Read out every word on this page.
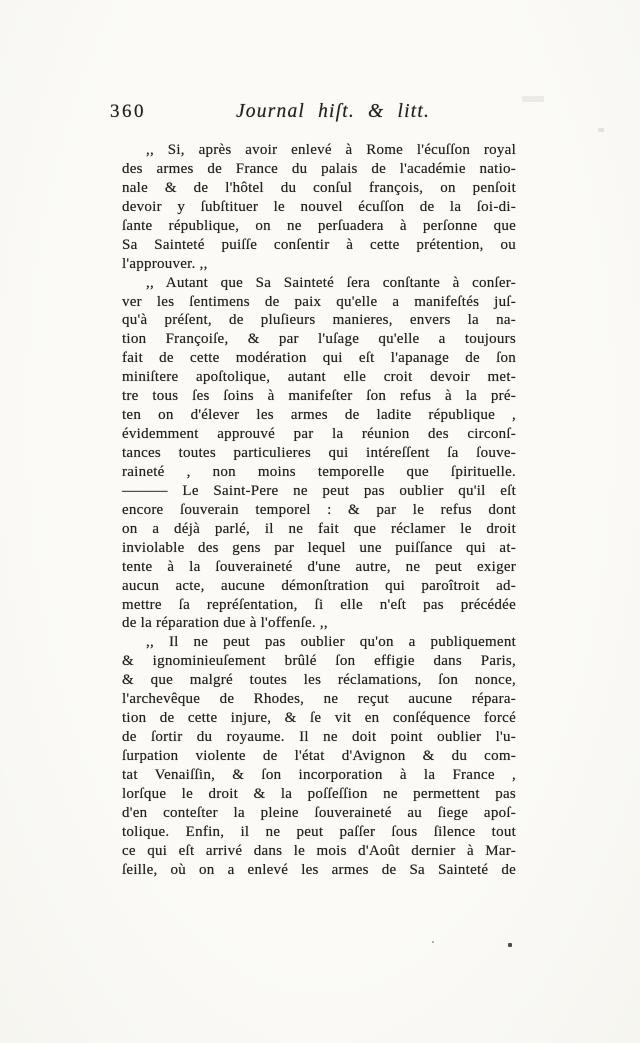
360	Journal hiſt. & litt.
,, Si, après avoir enlevé à Rome l'écuſſon royal
des armes de France du palais de l'académie natio-
nale & de l'hôtel du conſul françois, on penſoit
devoir y ſubſtituer le nouvel écuſſon de la ſoi-di-
ſante république, on ne perſuadera à perſonne que
Sa Sainteté puiſſe conſentir à cette prétention, ou
l'approuver. ,,
,, Autant que Sa Sainteté ſera conſtante à conſer-
ver les ſentimens de paix qu'elle a manifeſtés juſ-
qu'à préſent, de pluſieurs manieres, envers la na-
tion Françoiſe, & par l'uſage qu'elle a toujours
fait de cette modération qui eſt l'apanage de ſon
miniſtere apoſtolique, autant elle croit devoir met-
tre tous ſes ſoins à manifeſter ſon refus à la pré-
ten on d'élever les armes de ladite république ,
évidemment approuvé par la réunion des circonſ-
tances toutes particulieres qui intéreſſent ſa ſouve-
raineté , non moins temporelle que ſpirituelle.
――― Le Saint-Pere ne peut pas oublier qu'il eſt
encore ſouverain temporel : & par le refus dont
on a déjà parlé, il ne fait que réclamer le droit
inviolable des gens par lequel une puiſſance qui at-
tente à la ſouveraineté d'une autre, ne peut exiger
aucun acte, aucune démonſtration qui paroîtroit ad-
mettre ſa repréſentation, ſi elle n'eſt pas précédée
de la réparation due à l'offenſe. ,,
,, Il ne peut pas oublier qu'on a publiquement
& ignominieuſement brûlé ſon effigie dans Paris,
& que malgré toutes les réclamations, ſon nonce,
l'archevêque de Rhodes, ne reçut aucune répara-
tion de cette injure, & ſe vit en conſéquence forcé
de ſortir du royaume. Il ne doit point oublier l'u-
ſurpation violente de l'état d'Avignon & du com-
tat Venaiſſin, & ſon incorporation à la France ,
lorſque le droit & la poſſeſſion ne permettent pas
d'en conteſter la pleine ſouveraineté au ſiege apoſ-
tolique. Enfin, il ne peut paſſer ſous ſilence tout
ce qui eſt arrivé dans le mois d'Août dernier à Mar-
ſeille, où on a enlevé les armes de Sa Sainteté de
